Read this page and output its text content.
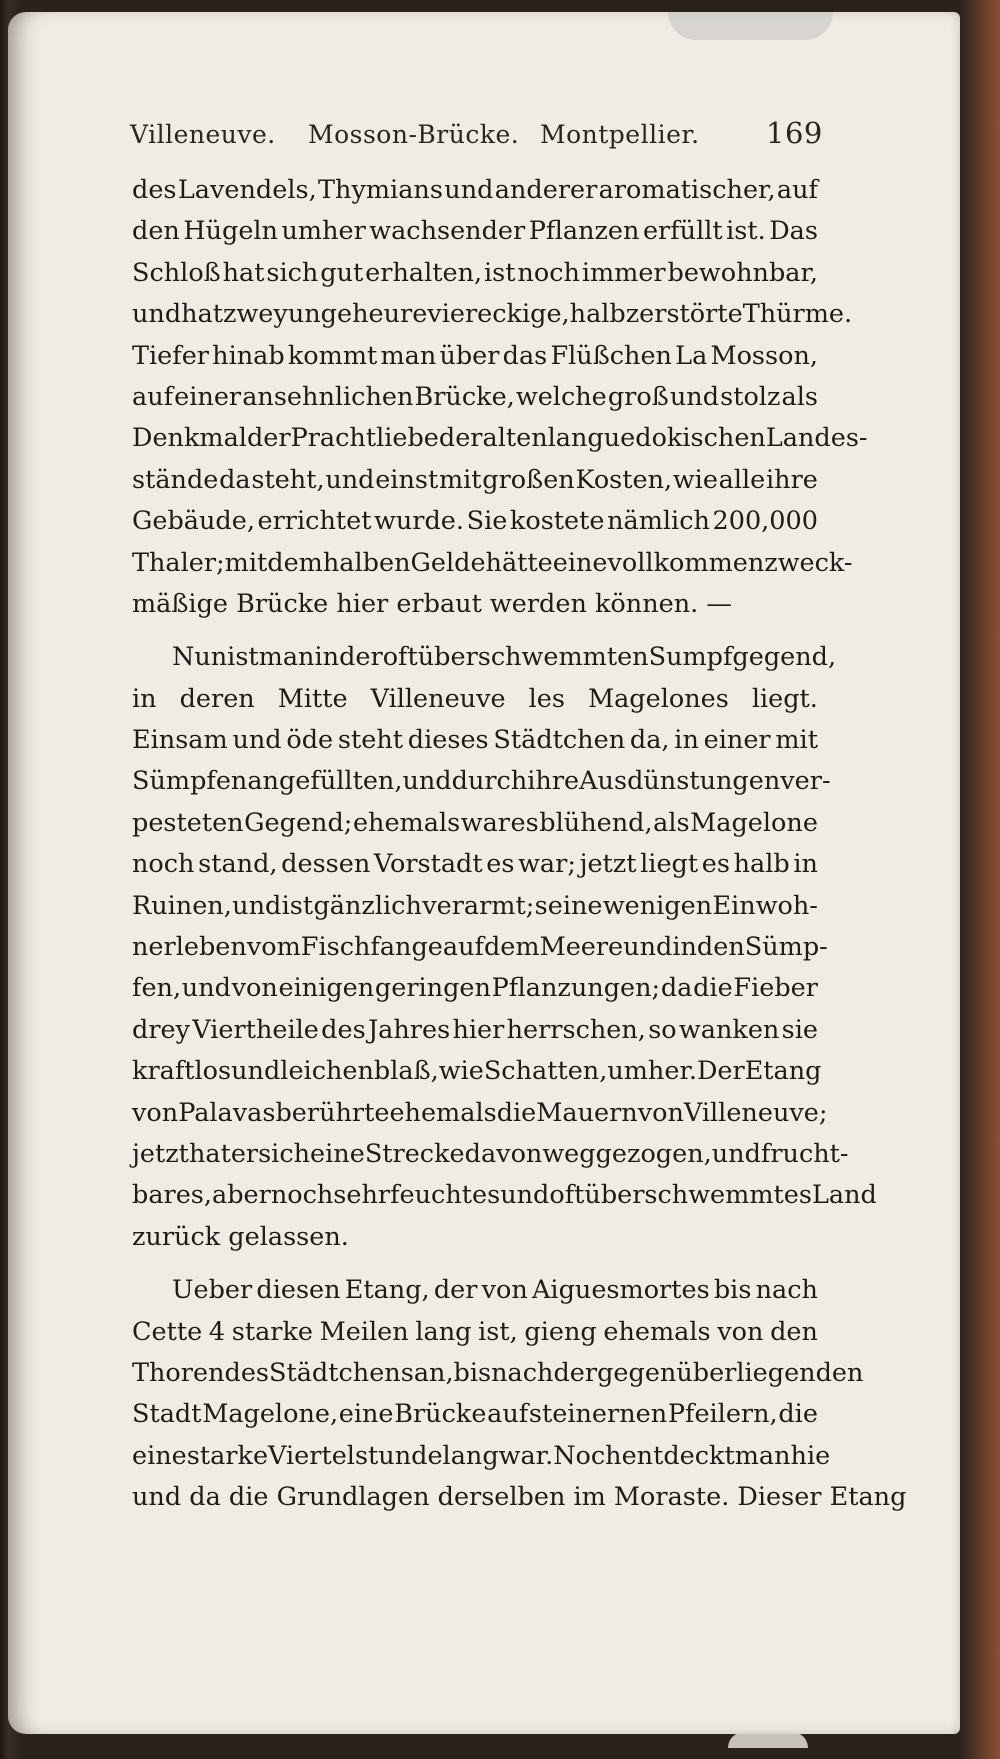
Villeneuve. Mosson-Brücke. Montpellier. 169
des Lavendels, Thymians und anderer aromatischer, auf
den Hügeln umher wachsender Pflanzen erfüllt ist. Das
Schloß hat sich gut erhalten, ist noch immer bewohnbar,
und hat zwey ungeheure viereckige, halb zerstörte Thürme.
Tiefer hinab kommt man über das Flüßchen La Mosson,
auf einer ansehnlichen Brücke, welche groß und stolz als
Denkmal der Prachtliebe der alten languedokischen Landes-
stände da steht, und einst mit großen Kosten, wie alle ihre
Gebäude, errichtet wurde. Sie kostete nämlich 200,000
Thaler; mit dem halben Gelde hätte eine vollkommen zweck-
mäßige Brücke hier erbaut werden können. —
Nun ist man in der oft überschwemmten Sumpfgegend,
in deren Mitte Villeneuve les Magelones liegt.
Einsam und öde steht dieses Städtchen da, in einer mit
Sümpfen angefüllten, und durch ihre Ausdünstungen ver-
pesteten Gegend; ehemals war es blühend, als Magelone
noch stand, dessen Vorstadt es war; jetzt liegt es halb in
Ruinen, und ist gänzlich verarmt; seine wenigen Einwoh-
ner leben vom Fischfange auf dem Meere und in den Sümp-
fen, und von einigen geringen Pflanzungen; da die Fieber
drey Viertheile des Jahres hier herrschen, so wanken sie
kraftlos und leichenblaß, wie Schatten, umher. Der Etang
von Palavas berührte ehemals die Mauern von Villeneuve;
jetzt hat er sich eine Strecke davon weggezogen, und frucht-
bares, aber noch sehr feuchtes und oft überschwemmtes Land
zurück gelassen.
Ueber diesen Etang, der von Aiguesmortes bis nach
Cette 4 starke Meilen lang ist, gieng ehemals von den
Thoren des Städtchens an, bis nach der gegenüberliegenden
Stadt Magelone, eine Brücke auf steinernen Pfeilern, die
eine starke Viertelstunde lang war. Noch entdeckt man hie
und da die Grundlagen derselben im Moraste. Dieser Etang
